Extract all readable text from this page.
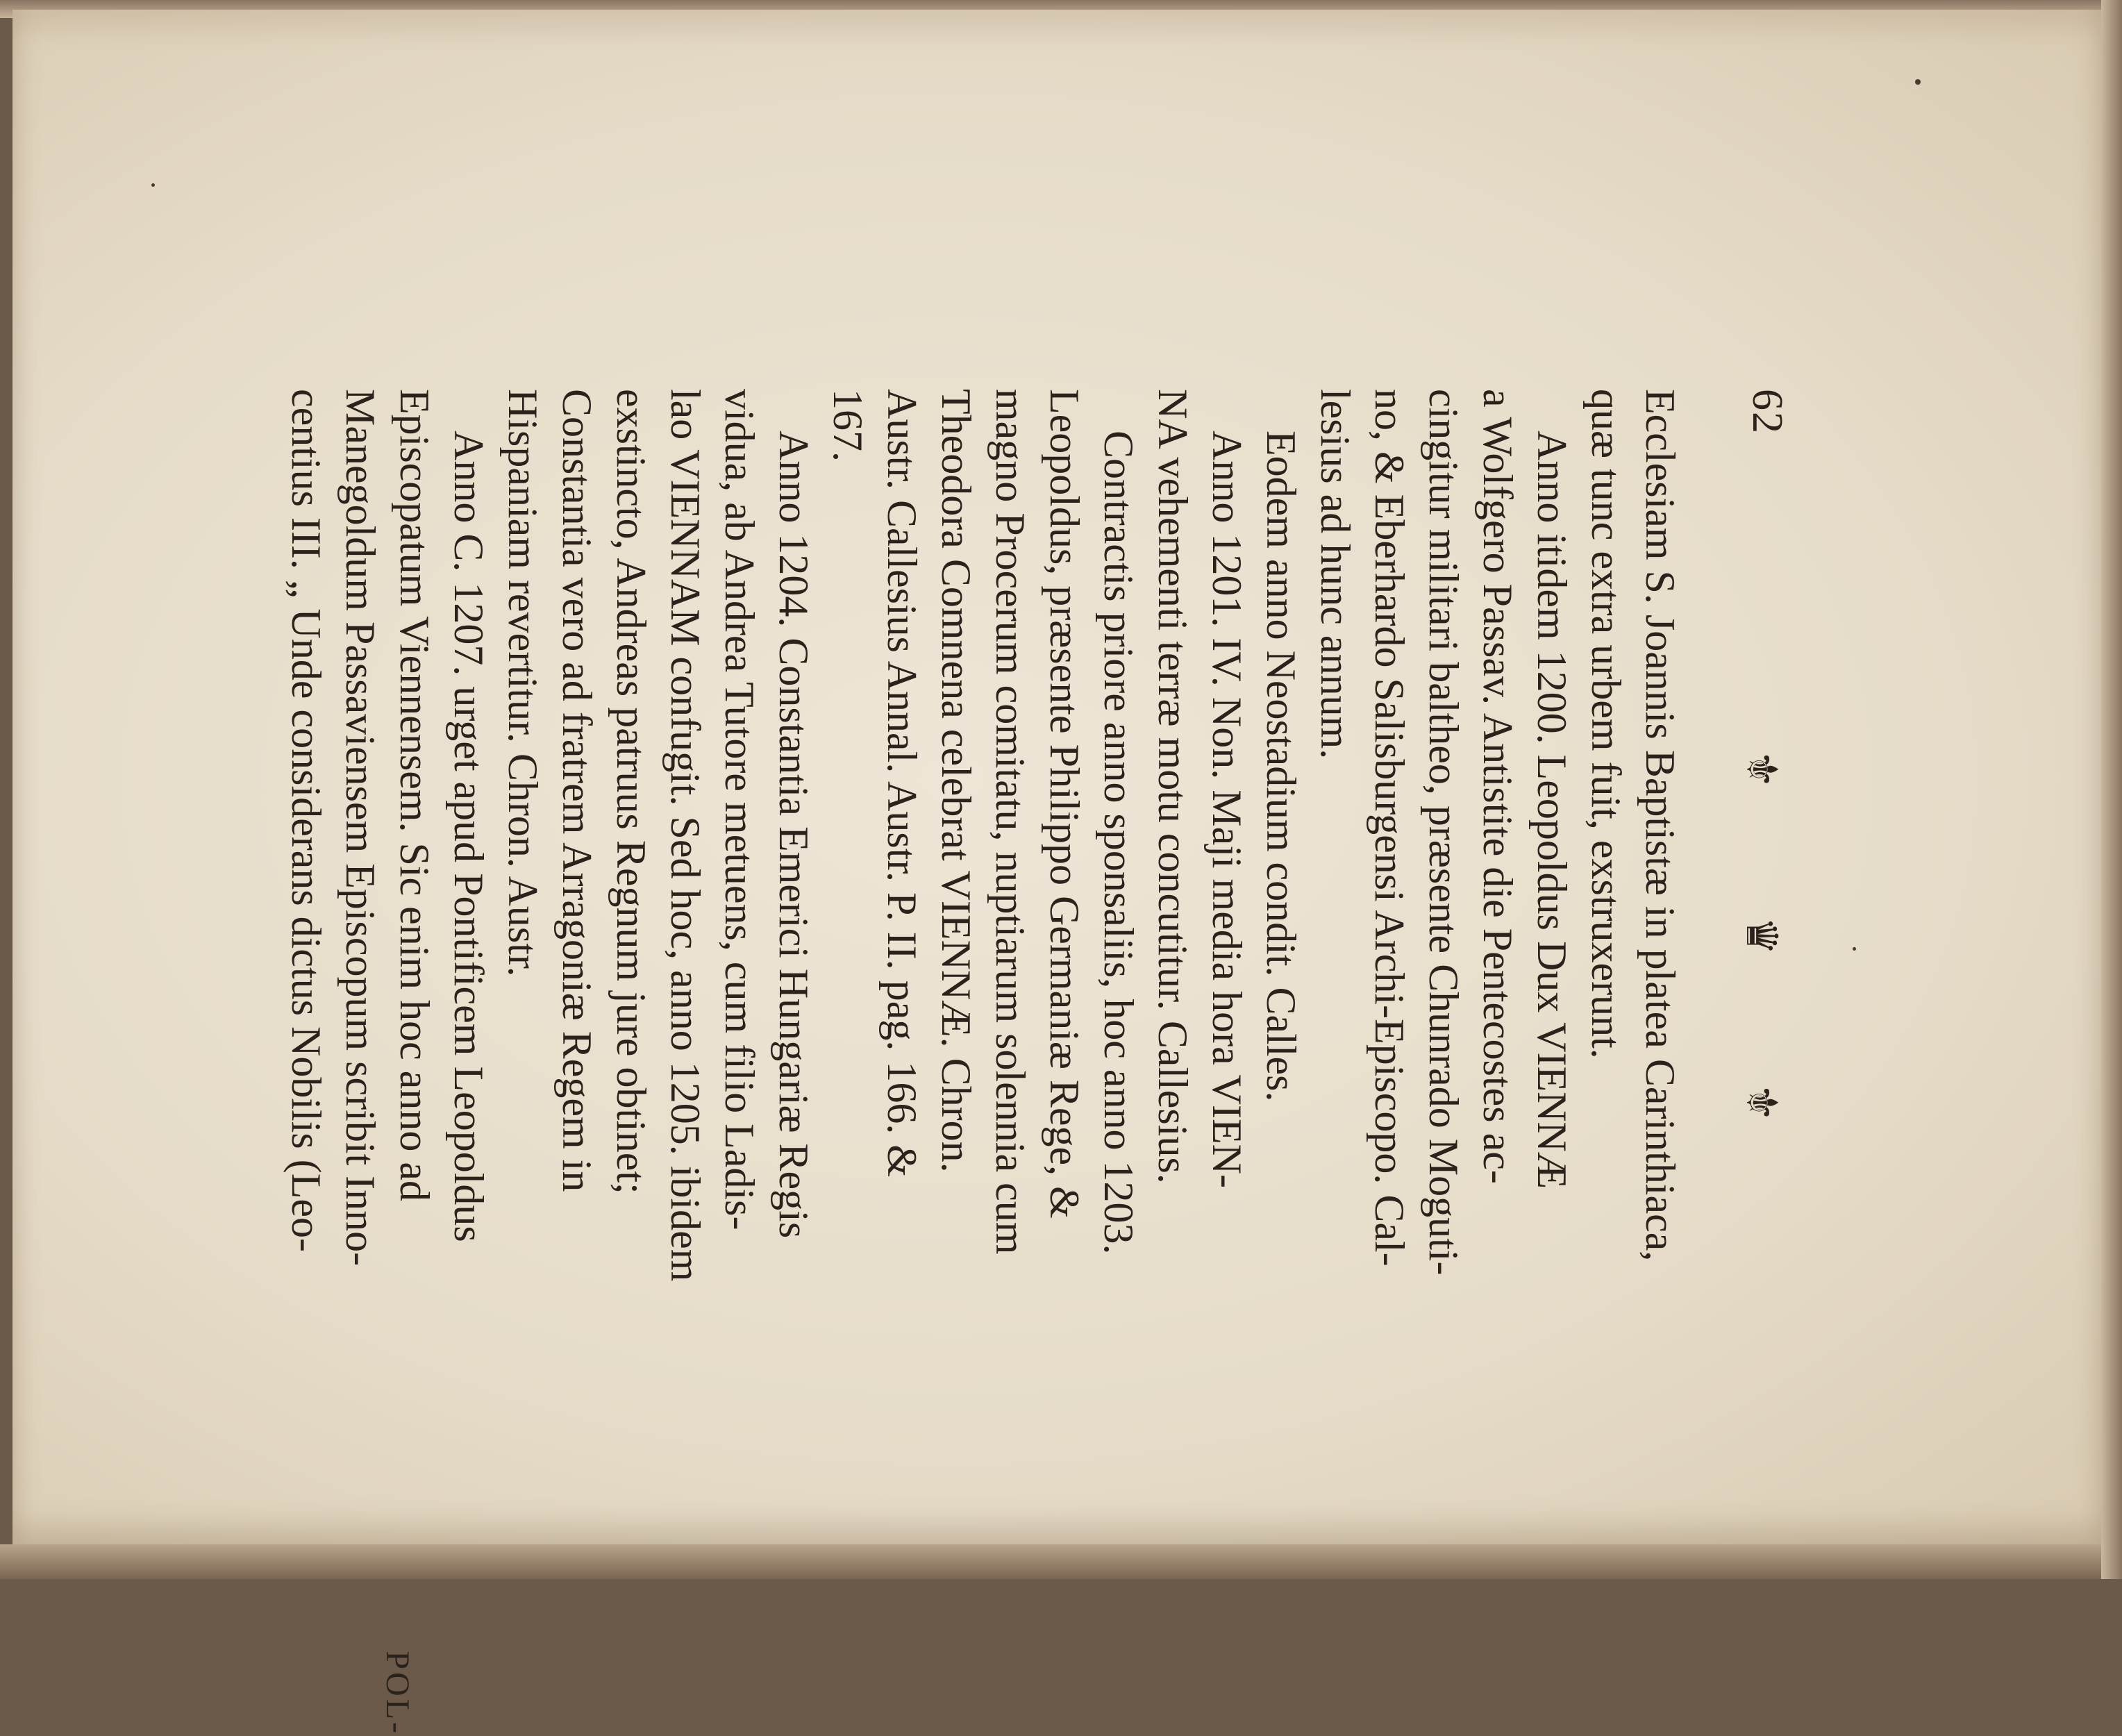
62
⚜
♛
⚜
Ecclesiam S. Joannis Baptistæ in platea Carinthiaca,
quæ tunc extra urbem fuit, exstruxerunt.
Anno itidem 1200. Leopoldus Dux VIENNÆ
a Wolfgero Passav. Antistite die Pentecostes ac-
cingitur militari baltheo, præsente Chunrado Moguti-
no, & Eberhardo Salisburgensi Archi-Episcopo. Cal-
lesius ad hunc annum.
Eodem anno Neostadium condit. Calles.
Anno 1201. IV. Non. Maji media hora VIEN-
NA vehementi terræ motu concutitur. Callesius.
Contractis priore anno sponsaliis, hoc anno 1203.
Leopoldus, præsente Philippo Germaniæ Rege, &
magno Procerum comitatu, nuptiarum solennia cum
Theodora Comnena celebrat VIENNÆ. Chron.
Austr. Callesius Annal. Austr. P. II. pag. 166. &
167.
Anno 1204. Constantia Emerici Hungariæ Regis
vidua, ab Andrea Tutore metuens, cum filio Ladis-
lao VIENNAM confugit. Sed hoc, anno 1205. ibidem
exstincto, Andreas patruus Regnum jure obtinet;
Constantia vero ad fratrem Arragoniæ Regem in
Hispaniam revertitur. Chron. Austr.
Anno C. 1207. urget apud Pontificem Leopoldus
Episcopatum Viennensem. Sic enim hoc anno ad
Manegoldum Passaviensem Episcopum scribit Inno-
centius III. „ Unde considerans dictus Nobilis (Leo-
POL-
